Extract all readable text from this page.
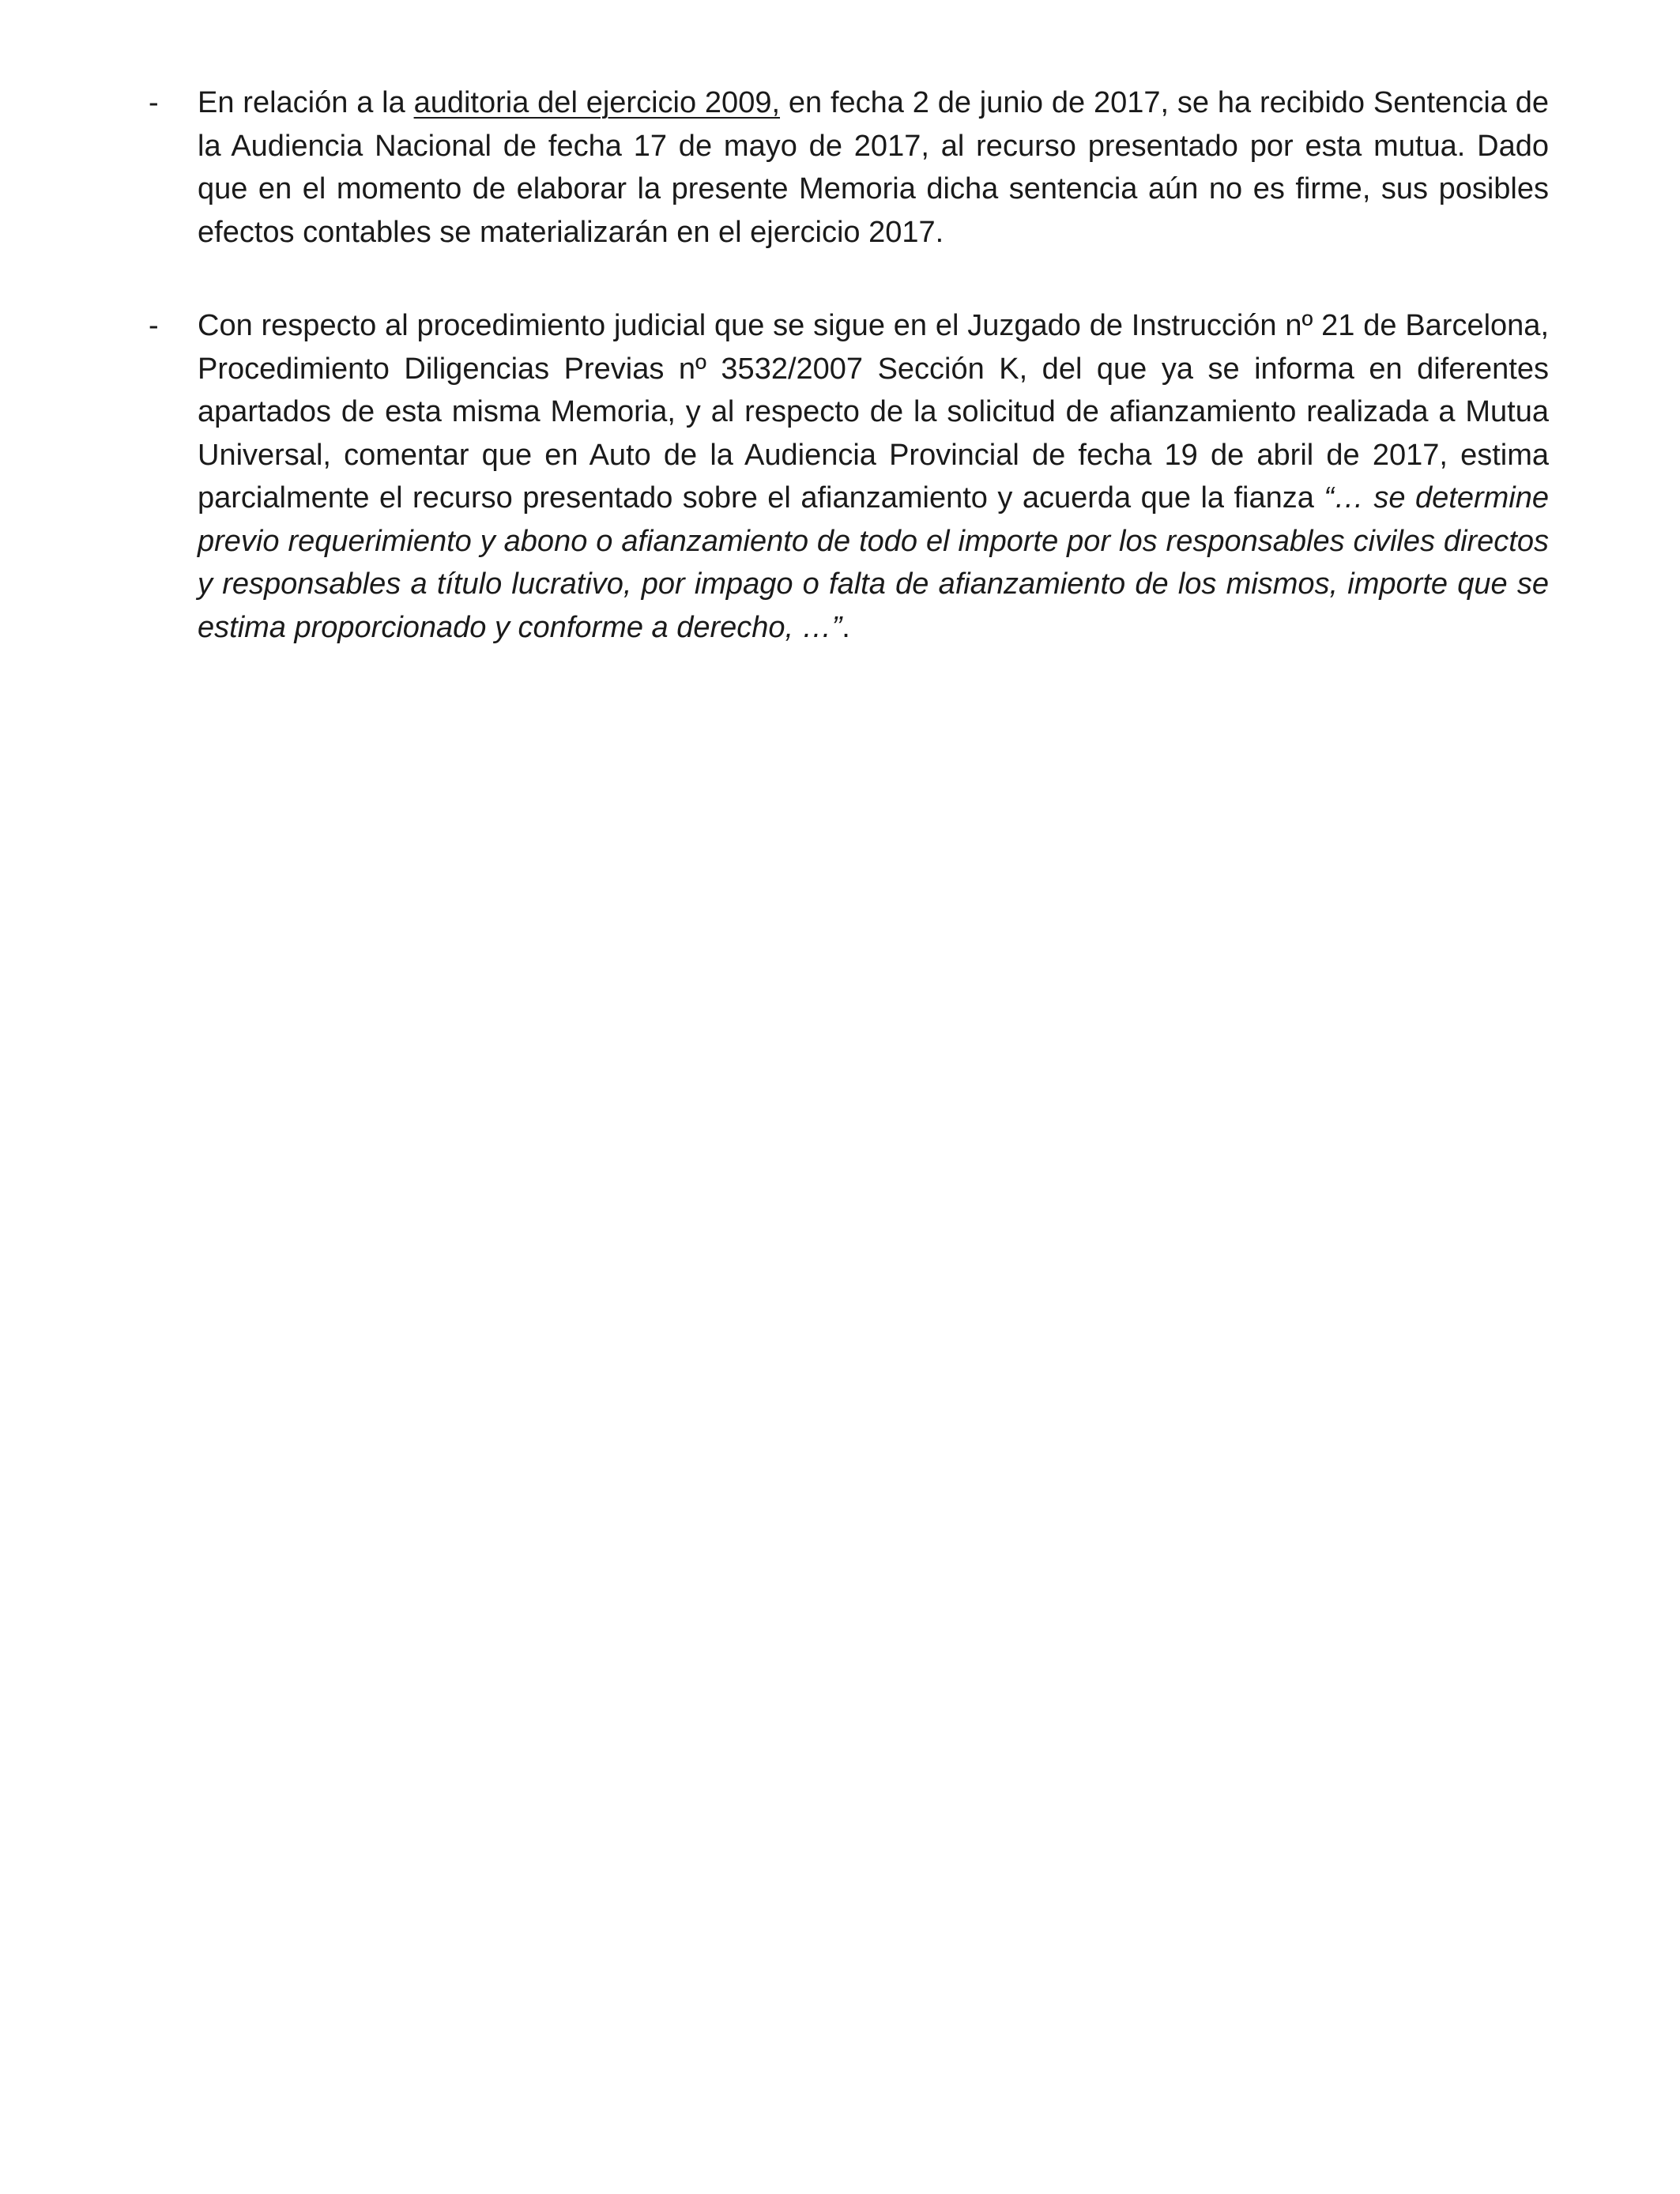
-	En relación a la auditoria del ejercicio 2009, en fecha 2 de junio de 2017, se ha recibido Sentencia de la Audiencia Nacional de fecha 17 de mayo de 2017, al recurso presentado por esta mutua. Dado que en el momento de elaborar la presente Memoria dicha sentencia aún no es firme, sus posibles efectos contables se materializarán en el ejercicio 2017.
-	Con respecto al procedimiento judicial que se sigue en el Juzgado de Instrucción nº 21 de Barcelona, Procedimiento Diligencias Previas nº 3532/2007 Sección K, del que ya se informa en diferentes apartados de esta misma Memoria, y al respecto de la solicitud de afianzamiento realizada a Mutua Universal, comentar que en Auto de la Audiencia Provincial de fecha 19 de abril de 2017, estima parcialmente el recurso presentado sobre el afianzamiento y acuerda que la fianza “… se determine previo requerimiento y abono o afianzamiento de todo el importe por los responsables civiles directos y responsables a título lucrativo, por impago o falta de afianzamiento de los mismos, importe que se estima proporcionado y conforme a derecho, …”.
